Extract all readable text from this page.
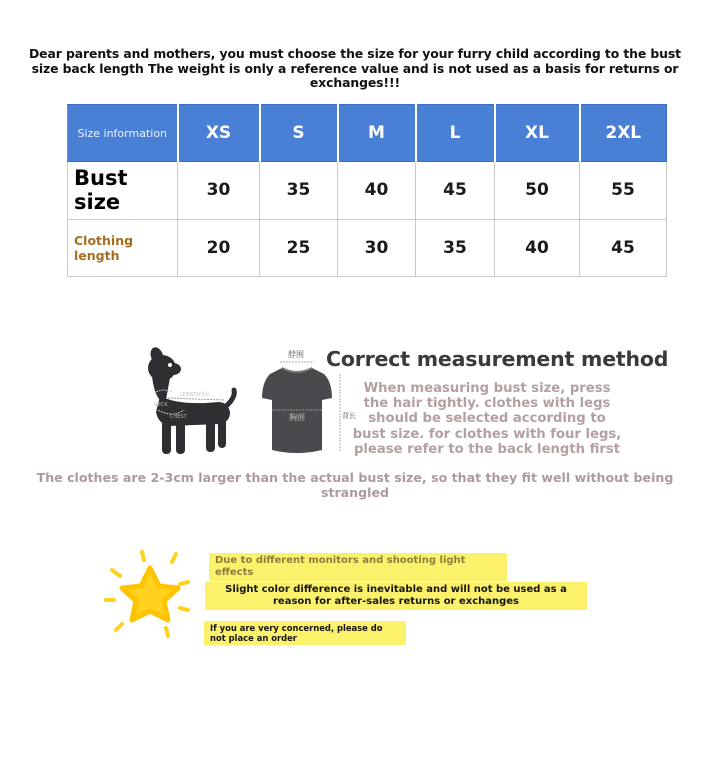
Dear parents and mothers, you must choose the size for your furry child according to the bust size back length The weight is only a reference value and is not used as a basis for returns or exchanges!!!
Size information	XS	S	M	L	XL	2XL
Bust size	30	35	40	45	50	55
Clothing length	20	25	30	35	40	45
LENGTH背长
NECK
CHEST
脖围
胸围	背长
Correct measurement method
When measuring bust size, press the hair tightly. clothes with legs should be selected according to bust size. for clothes with four legs, please refer to the back length first
The clothes are 2-3cm larger than the actual bust size, so that they fit well without being strangled
Due to different monitors and shooting light effects
Slight color difference is inevitable and will not be used as a reason for after-sales returns or exchanges
If you are very concerned, please do not place an order
